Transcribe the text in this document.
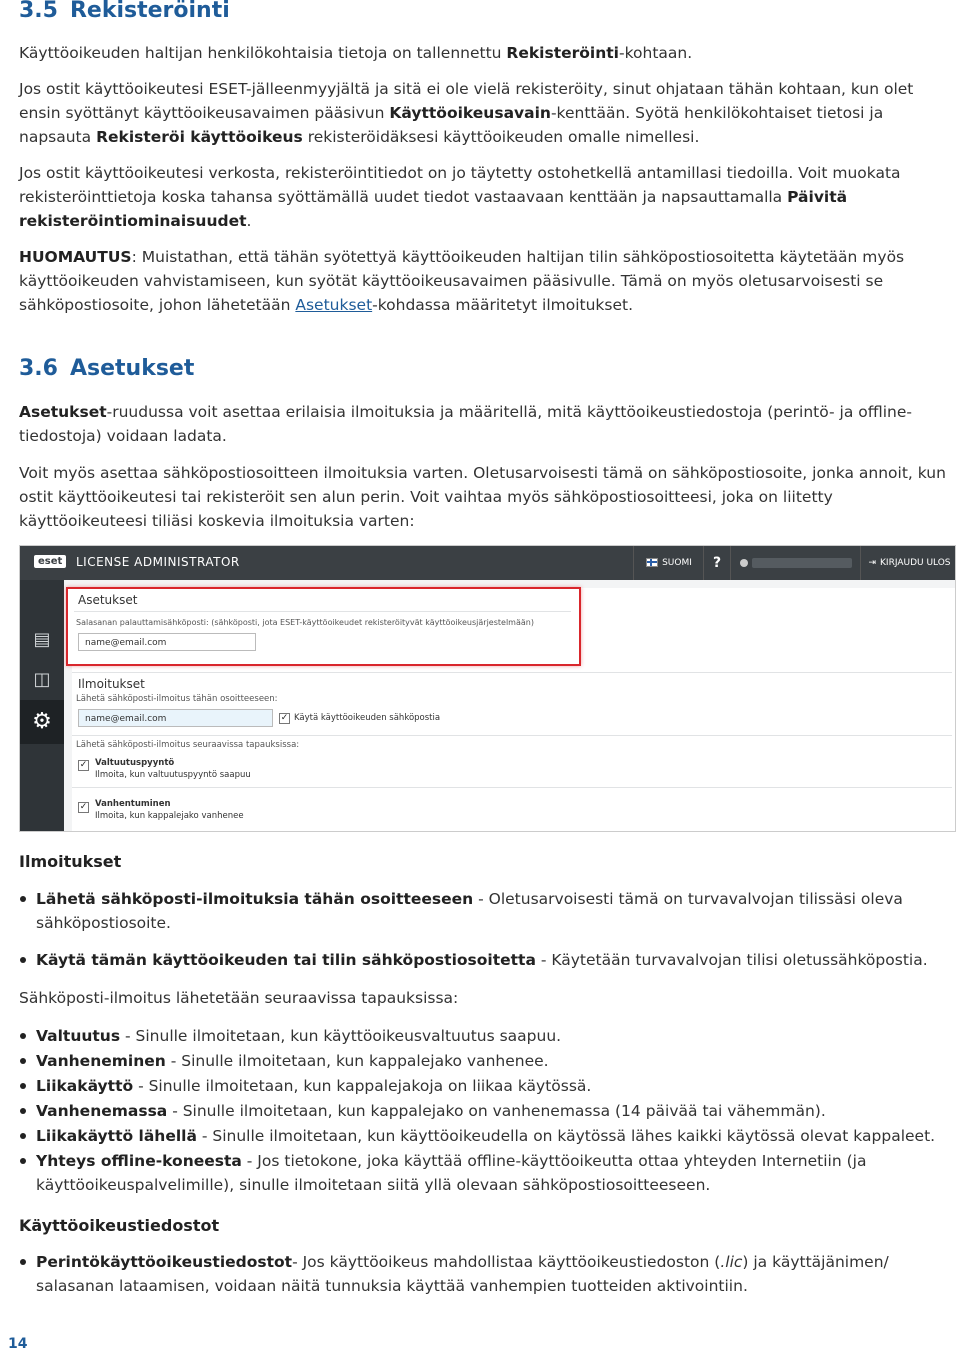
3.5 Rekisteröinti

Käyttöoikeuden haltijan henkilökohtaisia tietoja on tallennettu Rekisteröinti-kohtaan.

Jos ostit käyttöoikeutesi ESET-jälleenmyyjältä ja sitä ei ole vielä rekisteröity, sinut ohjataan tähän kohtaan, kun olet ensin syöttänyt käyttöoikeusavaimen pääsivun Käyttöoikeusavain-kenttään. Syötä henkilökohtaiset tietosi ja napsauta Rekisteröi käyttöoikeus rekisteröidäksesi käyttöoikeuden omalle nimellesi.

Jos ostit käyttöoikeutesi verkosta, rekisteröintitiedot on jo täytetty ostohetkellä antamillasi tiedoilla. Voit muokata rekisteröinttietoja koska tahansa syöttämällä uudet tiedot vastaavaan kenttään ja napsauttamalla Päivitä rekisteröintiominaisuudet.

HUOMAUTUS: Muistathan, että tähän syötettyä käyttöoikeuden haltijan tilin sähköpostiosoitetta käytetään myös käyttöoikeuden vahvistamiseen, kun syötät käyttöoikeusavaimen pääsivulle. Tämä on myös oletusarvoisesti se sähköpostiosoite, johon lähetetään Asetukset-kohdassa määritetyt ilmoitukset.

3.6 Asetukset

Asetukset-ruudussa voit asettaa erilaisia ilmoituksia ja määritellä, mitä käyttöoikeustiedostoja (perintö- ja offline-tiedostoja) voidaan ladata.

Voit myös asettaa sähköpostiosoitteen ilmoituksia varten. Oletusarvoisesti tämä on sähköpostiosoite, jonka annoit, kun ostit käyttöoikeutesi tai rekisteröit sen alun perin. Voit vaihtaa myös sähköpostiosoitteesi, joka on liitetty käyttöoikeuteesi tiliäsi koskevia ilmoituksia varten:

eset	LICENSE ADMINISTRATOR	SUOMI	?	⇥ KIRJAUDU ULOS
▤
◫
⚙
Ilmoitukset
Lähetä sähköposti-ilmoitus tähän osoitteeseen:
name@email.com	✓ Käytä käyttöoikeuden sähköpostia
Lähetä sähköposti-ilmoitus seuraavissa tapauksissa:
✓ Valtuutuspyyntö
Ilmoita, kun valtuutuspyyntö saapuu
✓ Vanhentuminen
Ilmoita, kun kappalejako vanhenee
Asetukset
Salasanan palauttamisähköposti: (sähköposti, jota ESET-käyttöoikeudet rekisteröityvät käyttöoikeusjärjestelmään)
name@email.com
Ilmoitukset
Lähetä sähköposti-ilmoituksia tähän osoitteeseen - Oletusarvoisesti tämä on turvavalvojan tilissäsi oleva sähköpostiosoite.
Käytä tämän käyttöoikeuden tai tilin sähköpostiosoitetta - Käytetään turvavalvojan tilisi oletussähköpostia.

Sähköposti-ilmoitus lähetetään seuraavissa tapauksissa:

Valtuutus - Sinulle ilmoitetaan, kun käyttöoikeusvaltuutus saapuu.
Vanheneminen - Sinulle ilmoitetaan, kun kappalejako vanhenee.
Liikakäyttö - Sinulle ilmoitetaan, kun kappalejakoja on liikaa käytössä.
Vanhenemassa - Sinulle ilmoitetaan, kun kappalejako on vanhenemassa (14 päivää tai vähemmän).
Liikakäyttö lähellä - Sinulle ilmoitetaan, kun käyttöoikeudella on käytössä lähes kaikki käytössä olevat kappaleet.
Yhteys offline-koneesta - Jos tietokone, joka käyttää offline-käyttöoikeutta ottaa yhteyden Internetiin (ja käyttöoikeuspalvelimille), sinulle ilmoitetaan siitä yllä olevaan sähköpostiosoitteeseen.
Käyttöoikeustiedostot
Perintökäyttöoikeustiedostot- Jos käyttöoikeus mahdollistaa käyttöoikeustiedoston (.lic) ja käyttäjänimen/ salasanan lataamisen, voidaan näitä tunnuksia käyttää vanhempien tuotteiden aktivointiin.
14
